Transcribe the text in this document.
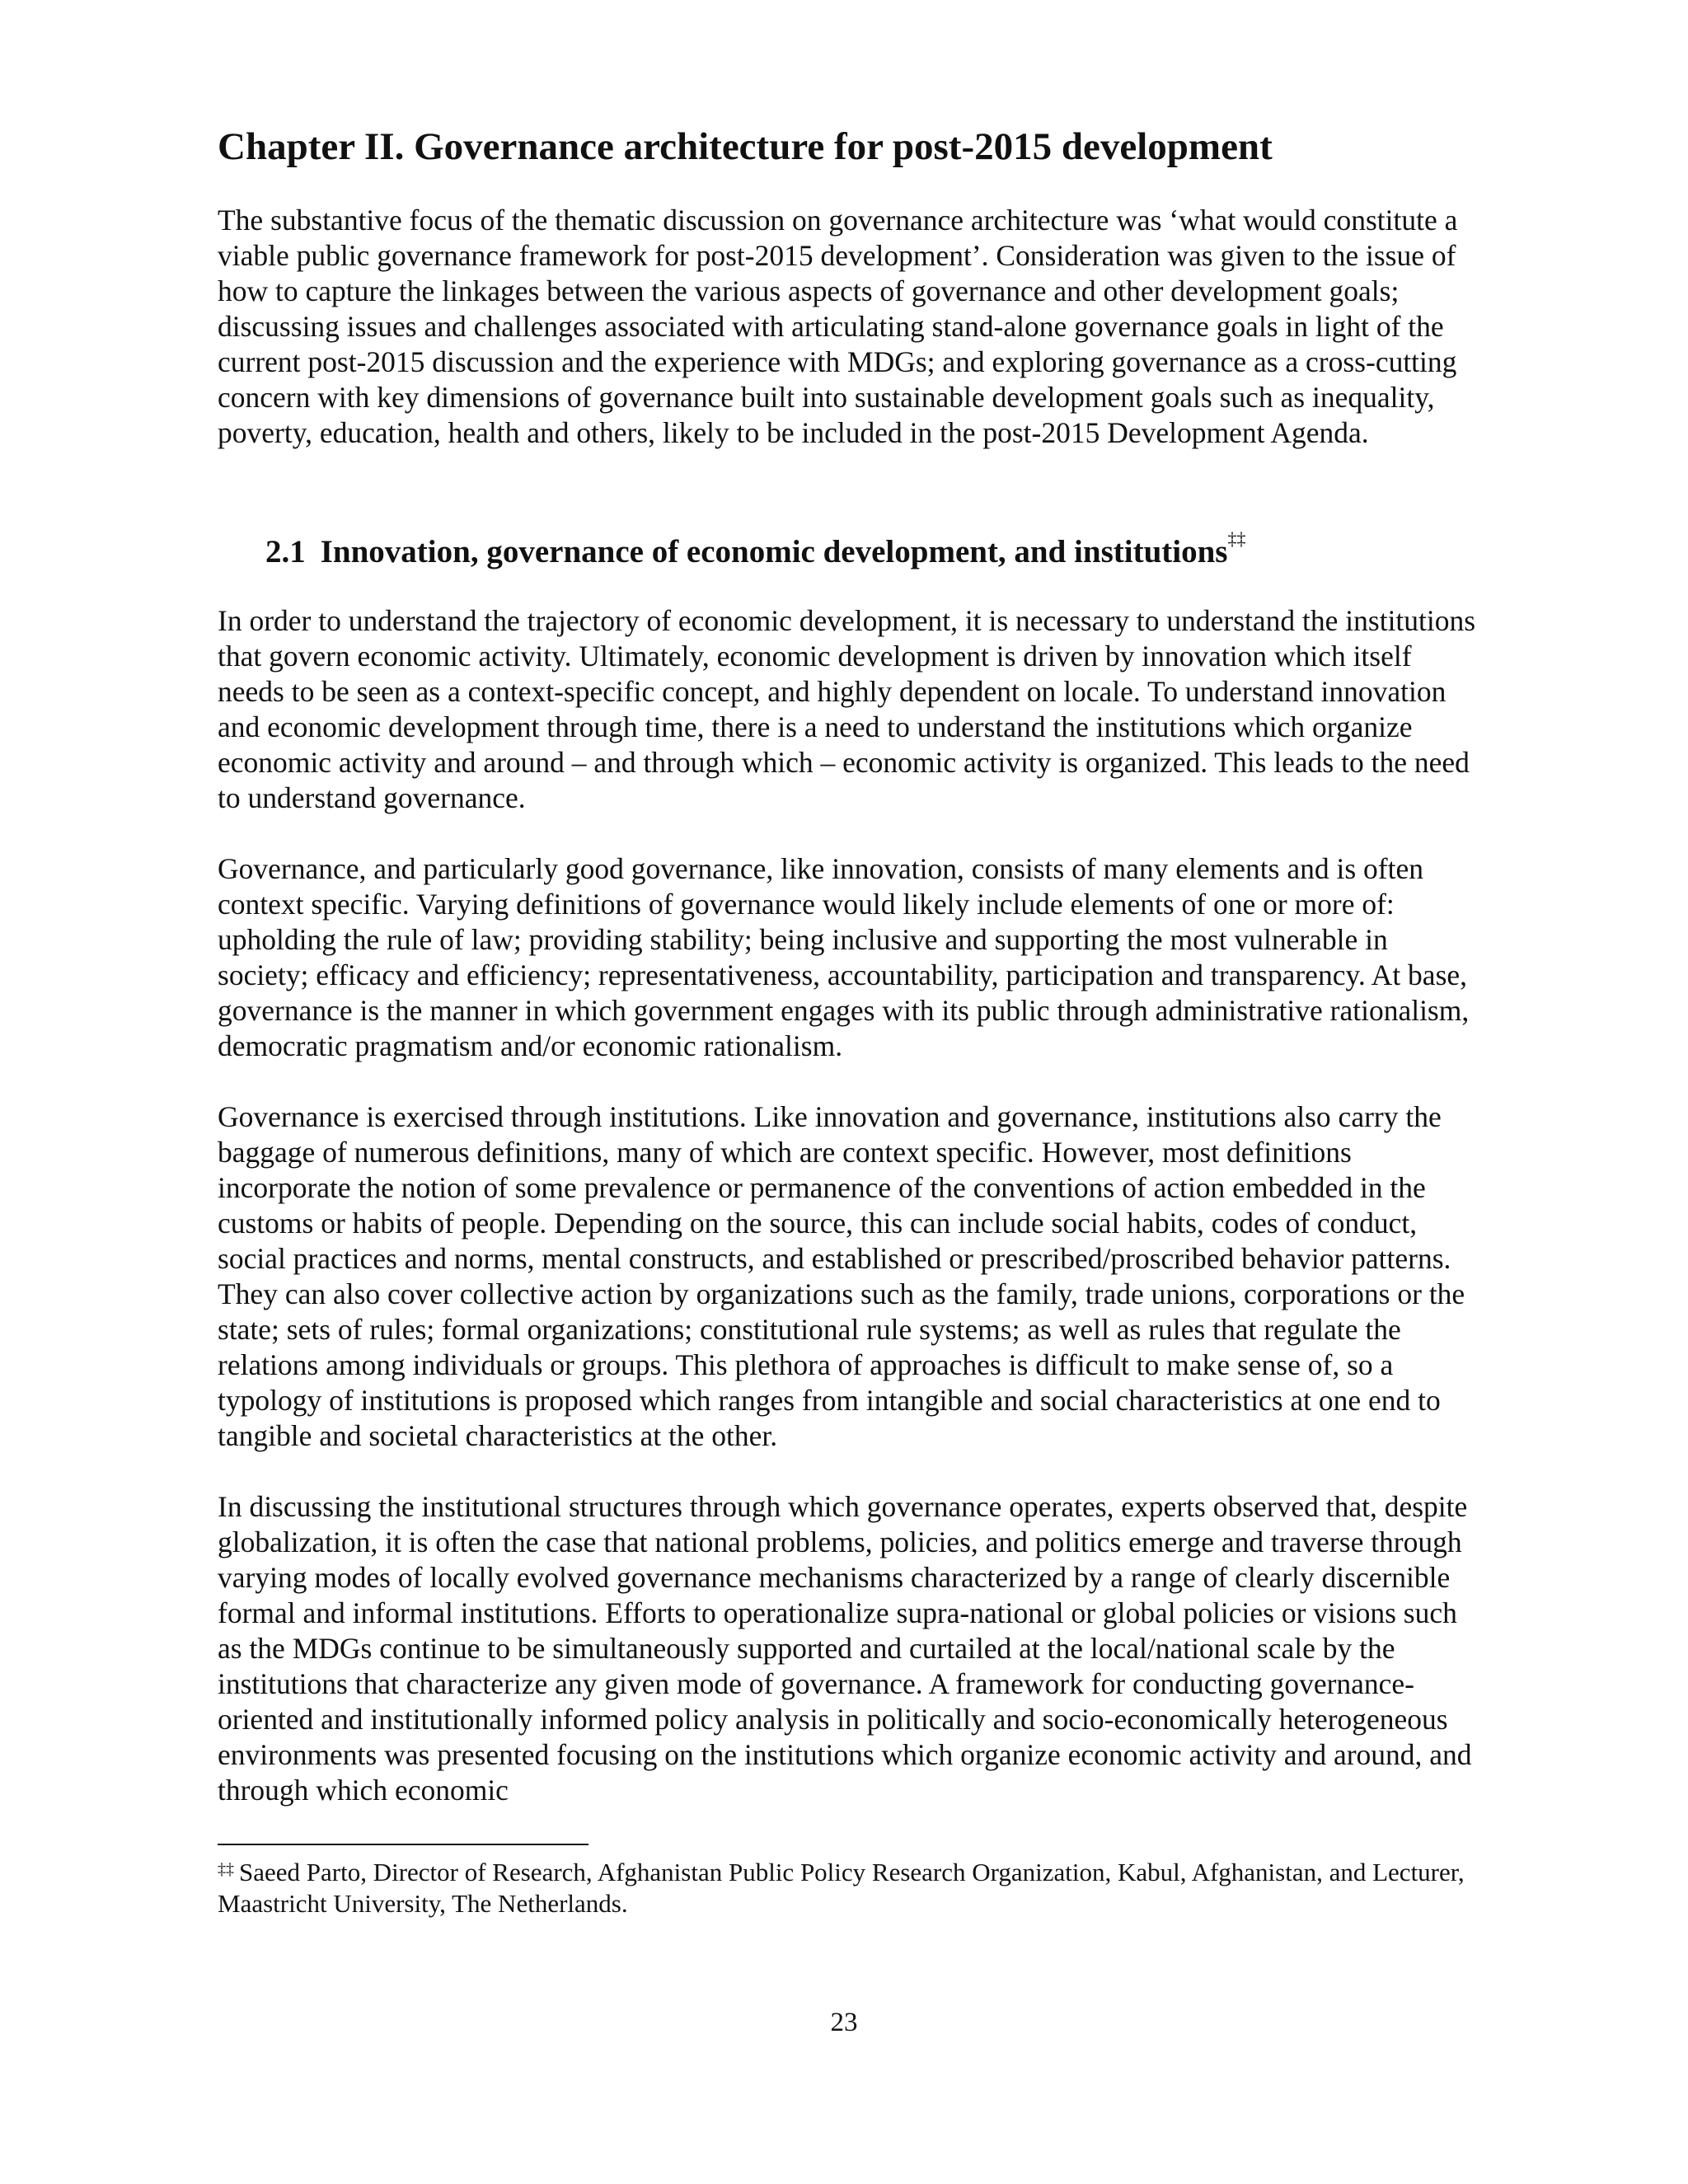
Chapter II. Governance architecture for post-2015 development

The substantive focus of the thematic discussion on governance architecture was ‘what would constitute a viable public governance framework for post-2015 development’. Consideration was given to the issue of how to capture the linkages between the various aspects of governance and other development goals; discussing issues and challenges associated with articulating stand-alone governance goals in light of the current post-2015 discussion and the experience with MDGs; and exploring governance as a cross-cutting concern with key dimensions of governance built into sustainable development goals such as inequality, poverty, education, health and others, likely to be included in the post-2015 Development Agenda.

2.1 Innovation, governance of economic development, and institutions‡‡

In order to understand the trajectory of economic development, it is necessary to understand the institutions that govern economic activity. Ultimately, economic development is driven by innovation which itself needs to be seen as a context-specific concept, and highly dependent on locale. To understand innovation and economic development through time, there is a need to understand the institutions which organize economic activity and around – and through which – economic activity is organized. This leads to the need to understand governance.

Governance, and particularly good governance, like innovation, consists of many elements and is often context specific. Varying definitions of governance would likely include elements of one or more of: upholding the rule of law; providing stability; being inclusive and supporting the most vulnerable in society; efficacy and efficiency; representativeness, accountability, participation and transparency. At base, governance is the manner in which government engages with its public through administrative rationalism, democratic pragmatism and/or economic rationalism.

Governance is exercised through institutions. Like innovation and governance, institutions also carry the baggage of numerous definitions, many of which are context specific. However, most definitions incorporate the notion of some prevalence or permanence of the conventions of action embedded in the customs or habits of people. Depending on the source, this can include social habits, codes of conduct, social practices and norms, mental constructs, and established or prescribed/proscribed behavior patterns. They can also cover collective action by organizations such as the family, trade unions, corporations or the state; sets of rules; formal organizations; constitutional rule systems; as well as rules that regulate the relations among individuals or groups. This plethora of approaches is difficult to make sense of, so a typology of institutions is proposed which ranges from intangible and social characteristics at one end to tangible and societal characteristics at the other.

In discussing the institutional structures through which governance operates, experts observed that, despite globalization, it is often the case that national problems, policies, and politics emerge and traverse through varying modes of locally evolved governance mechanisms characterized by a range of clearly discernible formal and informal institutions. Efforts to operationalize supra-national or global policies or visions such as the MDGs continue to be simultaneously supported and curtailed at the local/national scale by the institutions that characterize any given mode of governance. A framework for conducting governance-oriented and institutionally informed policy analysis in politically and socio-economically heterogeneous environments was presented focusing on the institutions which organize economic activity and around, and through which economic

‡‡ Saeed Parto, Director of Research, Afghanistan Public Policy Research Organization, Kabul, Afghanistan, and Lecturer, Maastricht University, The Netherlands.

23
